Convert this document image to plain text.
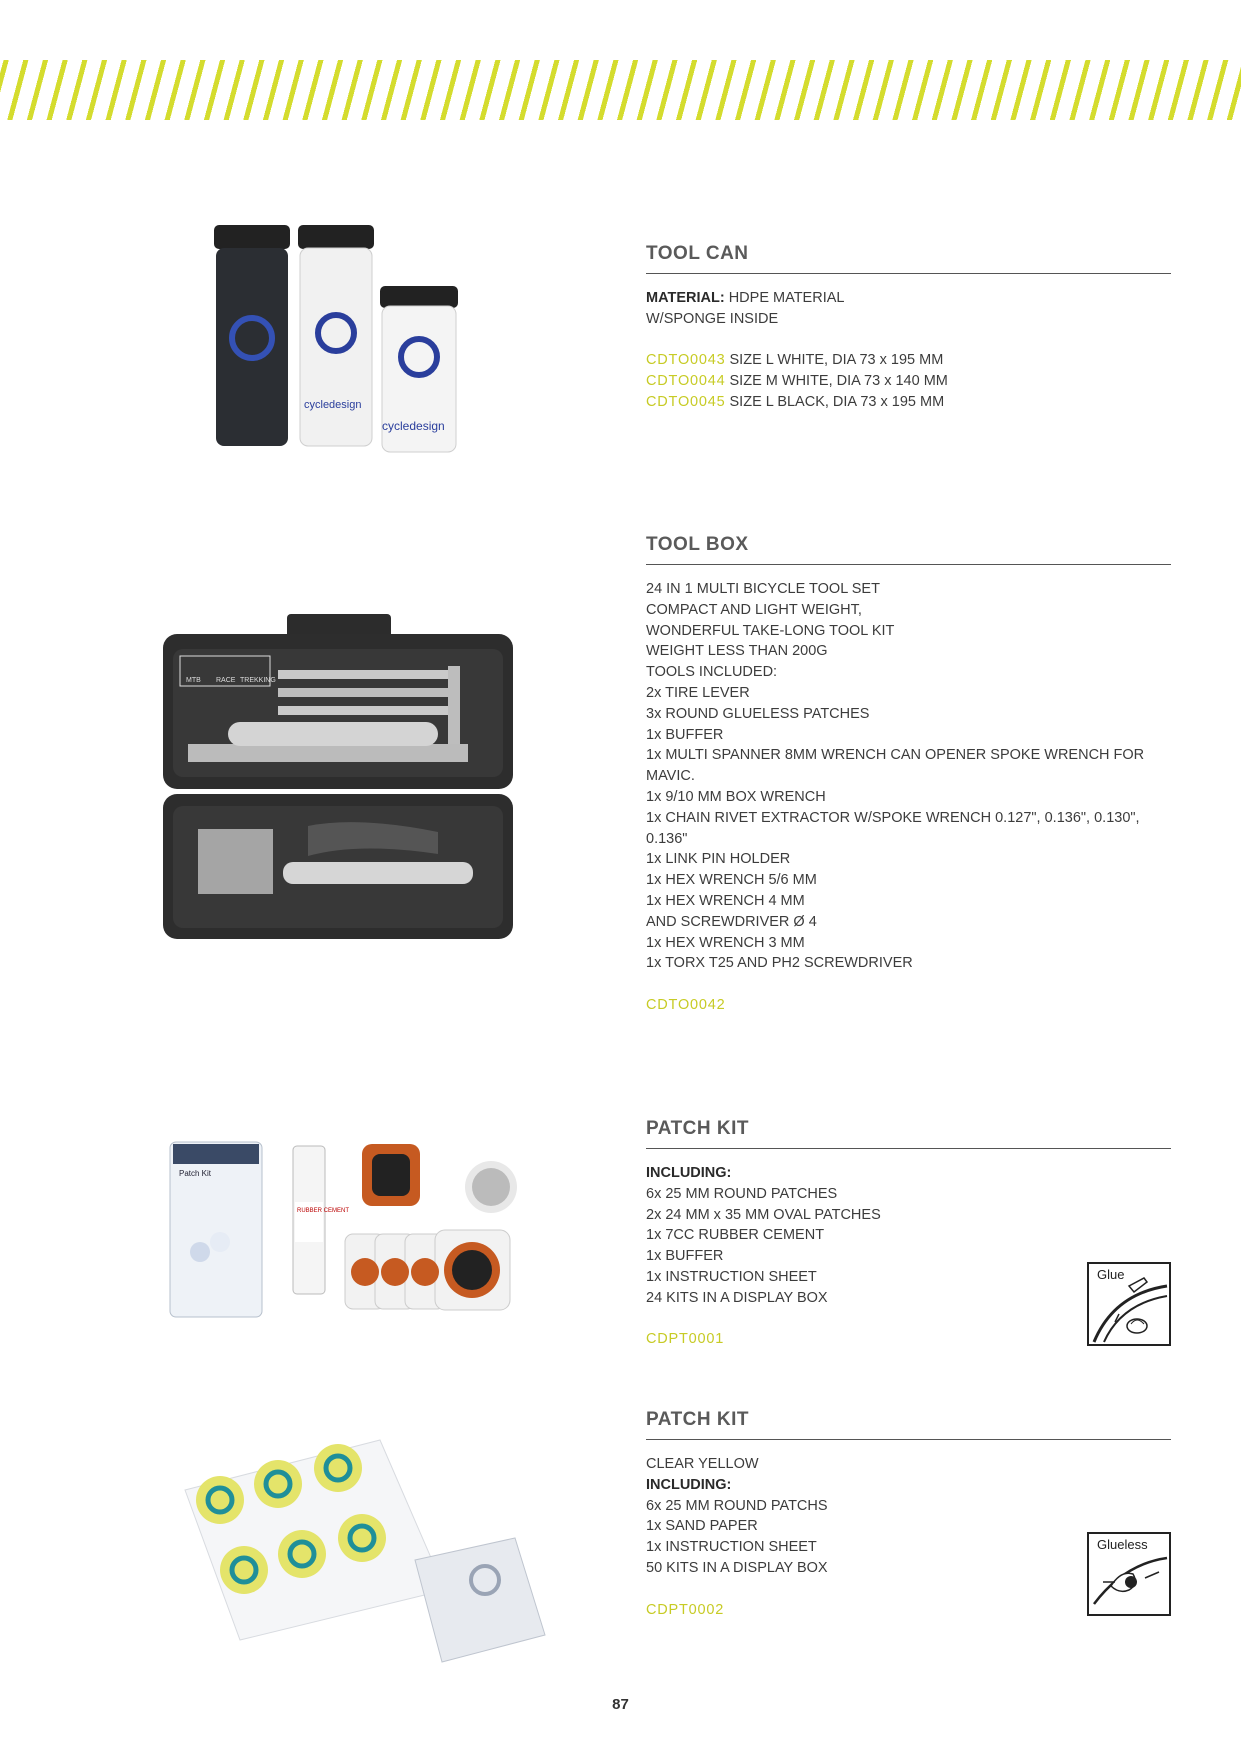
TOOL CAN
MATERIAL: HDPE MATERIAL
W/SPONGE INSIDE
CDTO0043 SIZE L WHITE, DIA 73 x 195 MM
CDTO0044 SIZE M WHITE, DIA 73 x 140 MM
CDTO0045 SIZE L BLACK, DIA 73 x 195 MM
TOOL BOX
24 IN 1 MULTI BICYCLE TOOL SET
COMPACT AND LIGHT WEIGHT,
WONDERFUL TAKE-LONG TOOL KIT
WEIGHT LESS THAN 200G
TOOLS INCLUDED:
2x TIRE LEVER
3x ROUND GLUELESS PATCHES
1x BUFFER
1x MULTI SPANNER 8MM WRENCH CAN OPENER SPOKE WRENCH FOR
MAVIC.
1x 9/10 MM BOX WRENCH
1x CHAIN RIVET EXTRACTOR W/SPOKE WRENCH 0.127", 0.136", 0.130",
0.136"
1x LINK PIN HOLDER
1x HEX WRENCH 5/6 MM
1x HEX WRENCH 4 MM
AND SCREWDRIVER Ø 4
1x HEX WRENCH 3 MM
1x TORX T25 AND PH2 SCREWDRIVER
CDTO0042
PATCH KIT
INCLUDING:
6x 25 MM ROUND PATCHES
2x 24 MM x 35 MM OVAL PATCHES
1x 7CC RUBBER CEMENT
1x BUFFER
1x INSTRUCTION SHEET
24 KITS IN A DISPLAY BOX
CDPT0001
PATCH KIT
CLEAR YELLOW
INCLUDING:
6x 25 MM ROUND PATCHS
1x SAND PAPER
1x INSTRUCTION SHEET
50 KITS IN A DISPLAY BOX
CDPT0002
Glue
Glueless
cycledesign
cycledesign
MTB RACE TREKKING
Patch Kit
RUBBER CEMENT
87
